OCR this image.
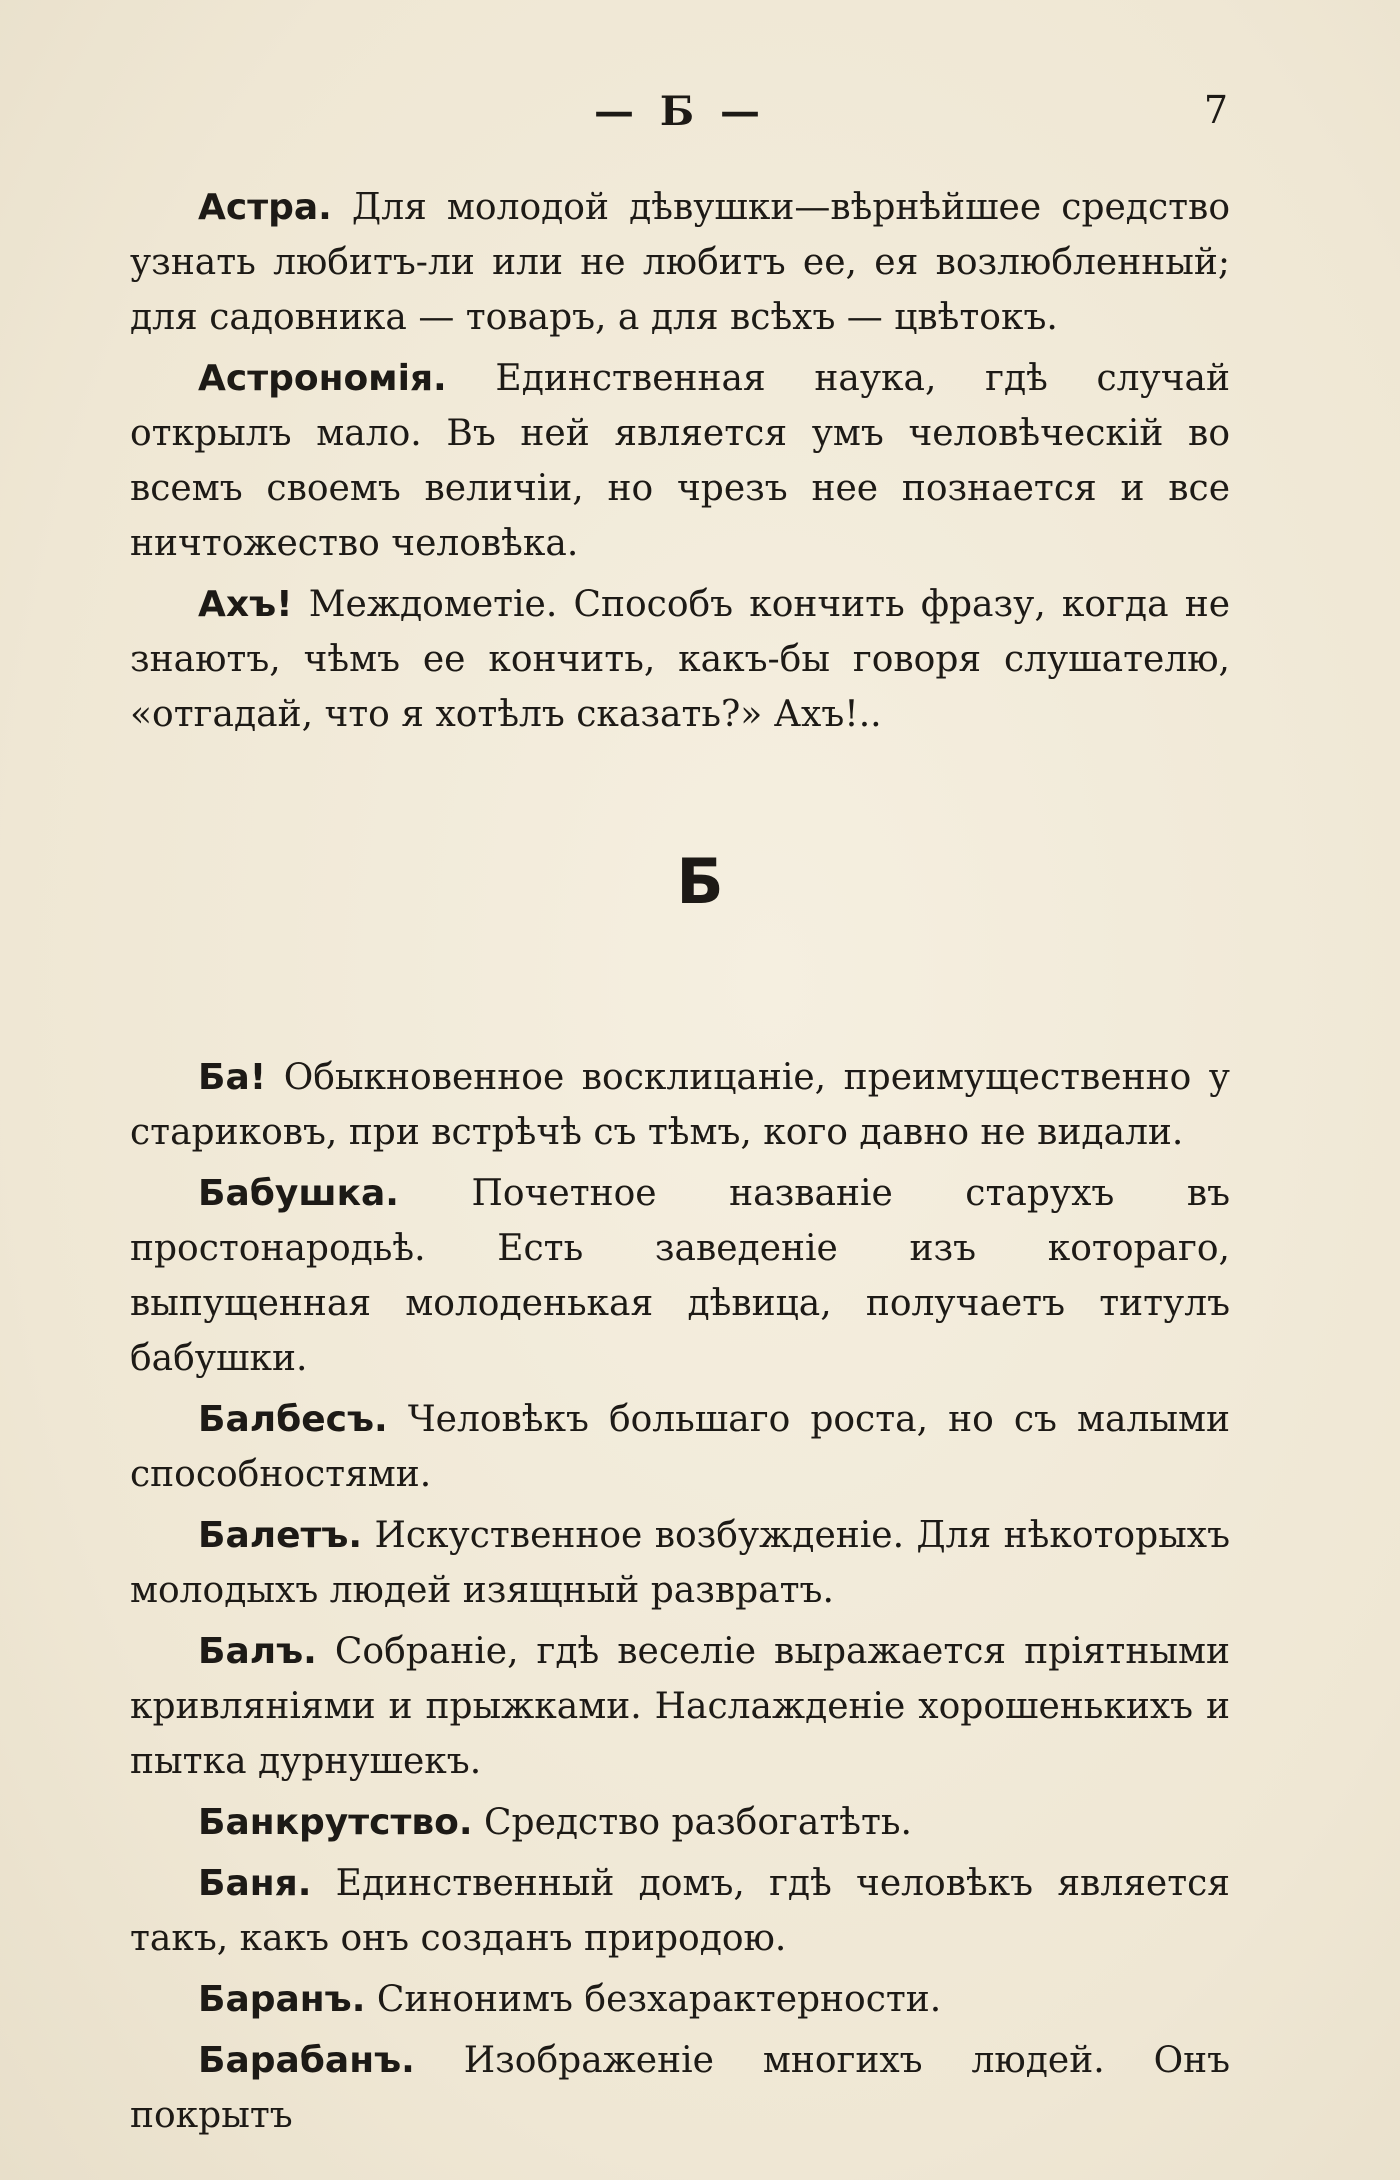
— Б —	7

Астра. Для молодой дѣвушки—вѣрнѣйшее средство узнать любитъ-ли или не любитъ ее, ея возлюбленный; для садовника — товаръ, а для всѣхъ — цвѣтокъ.

Астрономія. Единственная наука, гдѣ случай открылъ мало. Въ ней является умъ человѣческій во всемъ своемъ величіи, но чрезъ нее познается и все ничтожество человѣка.

Ахъ! Междометіе. Способъ кончить фразу, когда не знаютъ, чѣмъ ее кончить, какъ-бы говоря слушателю, «отгадай, что я хотѣлъ сказать?» Ахъ!..

Б

Ба! Обыкновенное восклицаніе, преимущественно у стариковъ, при встрѣчѣ съ тѣмъ, кого давно не видали.

Бабушка. Почетное названіе старухъ въ простонародьѣ. Есть заведеніе изъ котораго, выпущенная молоденькая дѣвица, получаетъ титулъ бабушки.

Балбесъ. Человѣкъ большаго роста, но съ малыми способностями.

Балетъ. Искуственное возбужденіе. Для нѣкоторыхъ молодыхъ людей изящный развратъ.

Балъ. Собраніе, гдѣ веселіе выражается пріятными кривляніями и прыжками. Наслажденіе хорошенькихъ и пытка дурнушекъ.

Банкрутство. Средство разбогатѣть.

Баня. Единственный домъ, гдѣ человѣкъ является такъ, какъ онъ созданъ природою.

Баранъ. Синонимъ безхарактерности.

Барабанъ. Изображеніе многихъ людей. Онъ покрытъ
